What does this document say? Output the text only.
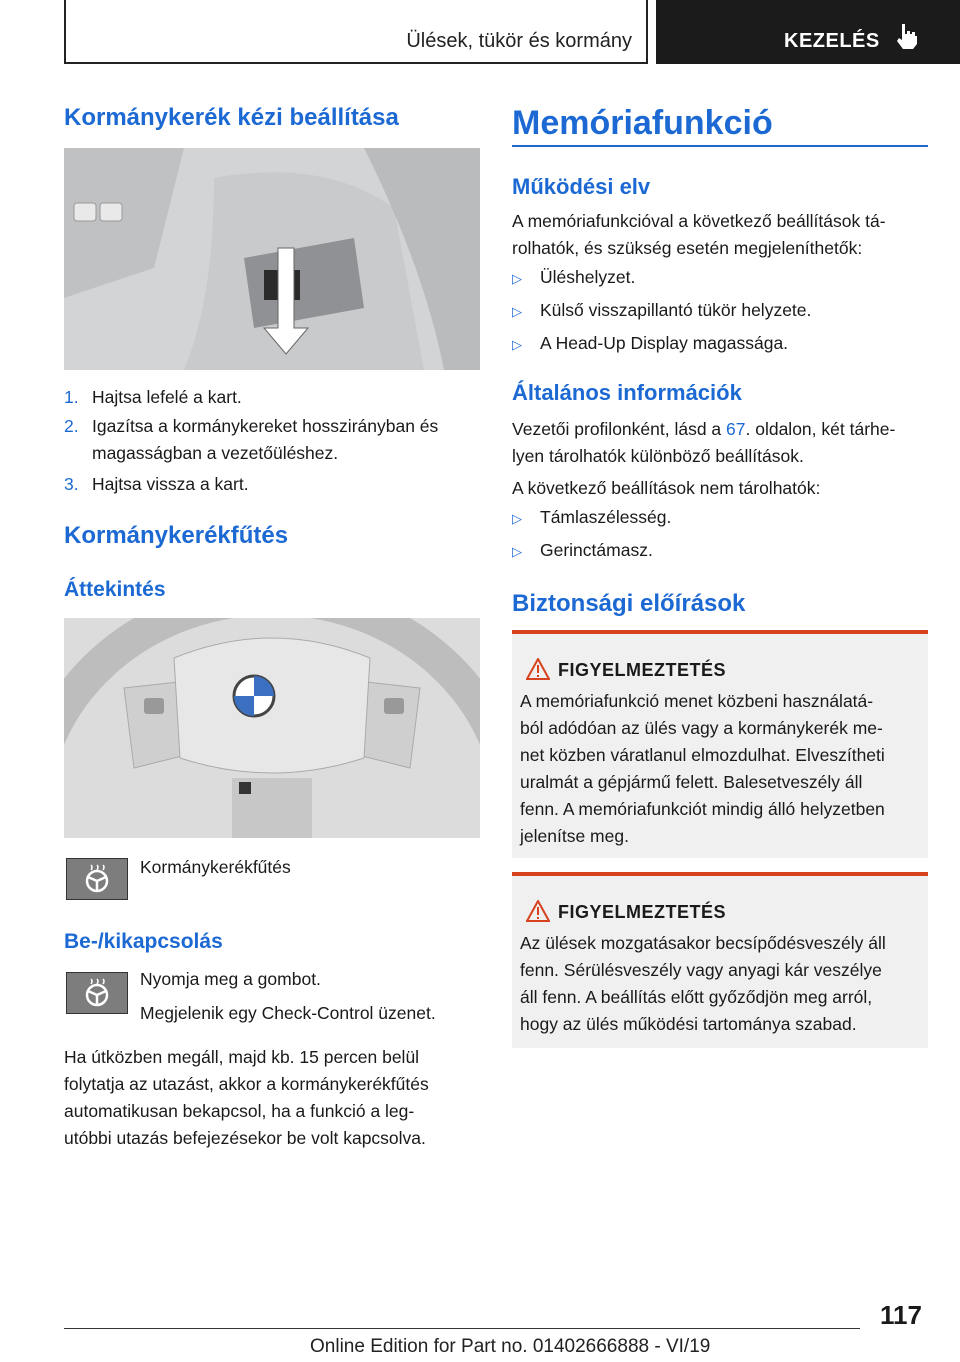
Ülések, tükör és kormány	KEZELÉS
Kormánykerék kézi beállítása
1. Hajtsa lefelé a kart.
2. Igazítsa a kormánykereket hosszirányban és
magasságban a vezetőüléshez.
3. Hajtsa vissza a kart.
Kormánykerékfűtés
Áttekintés

Kormánykerékfűtés

Be-/kikapcsolás

Nyomja meg a gombot.

Megjelenik egy Check-Control üzenet.

Ha útközben megáll, majd kb. 15 percen belül

folytatja az utazást, akkor a kormánykerékfűtés

automatikusan bekapcsol, ha a funkció a leg-

utóbbi utazás befejezésekor be volt kapcsolva.

Memóriafunkció
Működési elv

A memóriafunkcióval a következő beállítások tá-

rolhatók, és szükség esetén megjeleníthetők:

▷ Üléshelyzet.
▷ Külső visszapillantó tükör helyzete.
▷ A Head-Up Display magassága.
Általános információk

Vezetői profilonként, lásd a 67. oldalon, két tárhe-

lyen tárolhatók különböző beállítások.

A következő beállítások nem tárolhatók:

▷ Támlaszélesség.
▷ Gerinctámasz.
Biztonsági előírások
FIGYELMEZTETÉS

A memóriafunkció menet közbeni használatá-

ból adódóan az ülés vagy a kormánykerék me-

net közben váratlanul elmozdulhat. Elveszítheti

uralmát a gépjármű felett. Balesetveszély áll

fenn. A memóriafunkciót mindig álló helyzetben

jelenítse meg.

FIGYELMEZTETÉS

Az ülések mozgatásakor becsípődésveszély áll

fenn. Sérülésveszély vagy anyagi kár veszélye

áll fenn. A beállítás előtt győződjön meg arról,

hogy az ülés működési tartománya szabad.

117
Online Edition for Part no. 01402666888 - VI/19
